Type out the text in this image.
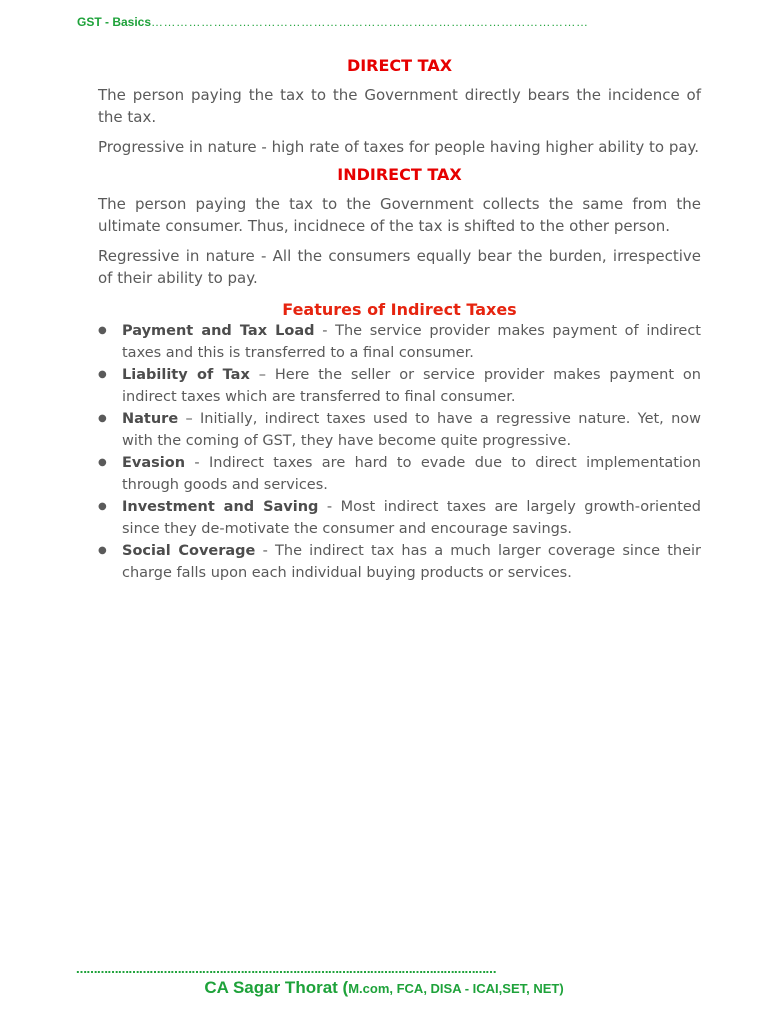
GST - Basics……………………………………………………………………………………………
DIRECT TAX

The person paying the tax to the Government directly bears the incidence of the tax.

Progressive in nature - high rate of taxes for people having higher ability to pay.

INDIRECT TAX

The person paying the tax to the Government collects the same from the ultimate consumer. Thus, incidnece of the tax is shifted to the other person.

Regressive in nature - All the consumers equally bear the burden, irrespective of their ability to pay.

Features of Indirect Taxes
● Payment and Tax Load - The service provider makes payment of indirect taxes and this is transferred to a final consumer.
● Liability of Tax – Here the seller or service provider makes payment on indirect taxes which are transferred to final consumer.
● Nature – Initially, indirect taxes used to have a regressive nature. Yet, now with the coming of GST, they have become quite progressive.
● Evasion - Indirect taxes are hard to evade due to direct implementation through goods and services.
● Investment and Saving - Most indirect taxes are largely growth-oriented since they de-motivate the consumer and encourage savings.
● Social Coverage - The indirect tax has a much larger coverage since their charge falls upon each individual buying products or services.
…………………………………………………………………………………………………………
CA Sagar Thorat (M.com, FCA, DISA - ICAI,SET, NET)
